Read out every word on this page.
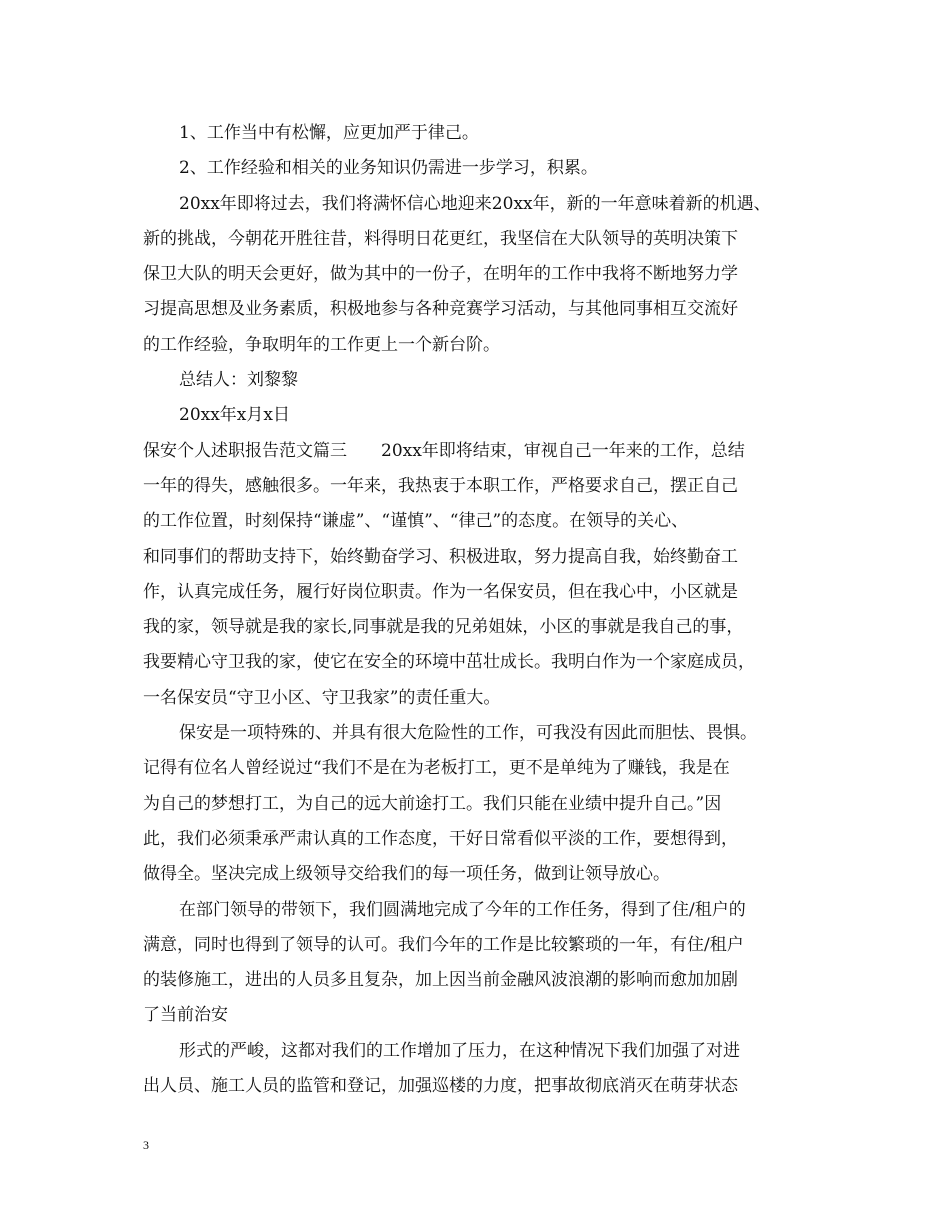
1、工作当中有松懈，应更加严于律己。
2、工作经验和相关的业务知识仍需进一步学习，积累。
20xx年即将过去，我们将满怀信心地迎来20xx年，新的一年意味着新的机遇、
新的挑战，今朝花开胜往昔，料得明日花更红，我坚信在大队领导的英明决策下
保卫大队的明天会更好，做为其中的一份子，在明年的工作中我将不断地努力学
习提高思想及业务素质，积极地参与各种竞赛学习活动，与其他同事相互交流好
的工作经验，争取明年的工作更上一个新台阶。
总结人：刘黎黎
20xx年x月x日
保安个人述职报告范文篇三　　20xx年即将结束，审视自己一年来的工作，总结
一年的得失，感触很多。一年来，我热衷于本职工作，严格要求自己，摆正自己
的工作位置，时刻保持“谦虚”、“谨慎”、“律己”的态度。在领导的关心、
和同事们的帮助支持下，始终勤奋学习、积极进取，努力提高自我，始终勤奋工
作，认真完成任务，履行好岗位职责。作为一名保安员，但在我心中，小区就是
我的家，领导就是我的家长,同事就是我的兄弟姐妹，小区的事就是我自己的事，
我要精心守卫我的家，使它在安全的环境中茁壮成长。我明白作为一个家庭成员，
一名保安员“守卫小区、守卫我家”的责任重大。
保安是一项特殊的、并具有很大危险性的工作，可我没有因此而胆怯、畏惧。
记得有位名人曾经说过“我们不是在为老板打工，更不是单纯为了赚钱，我是在
为自己的梦想打工，为自己的远大前途打工。我们只能在业绩中提升自己。”因
此，我们必须秉承严肃认真的工作态度，干好日常看似平淡的工作，要想得到，
做得全。坚决完成上级领导交给我们的每一项任务，做到让领导放心。
在部门领导的带领下，我们圆满地完成了今年的工作任务，得到了住/租户的
满意，同时也得到了领导的认可。我们今年的工作是比较繁琐的一年，有住/租户
的装修施工，进出的人员多且复杂，加上因当前金融风波浪潮的影响而愈加加剧
了当前治安
形式的严峻，这都对我们的工作增加了压力，在这种情况下我们加强了对进
出人员、施工人员的监管和登记，加强巡楼的力度，把事故彻底消灭在萌芽状态
3
